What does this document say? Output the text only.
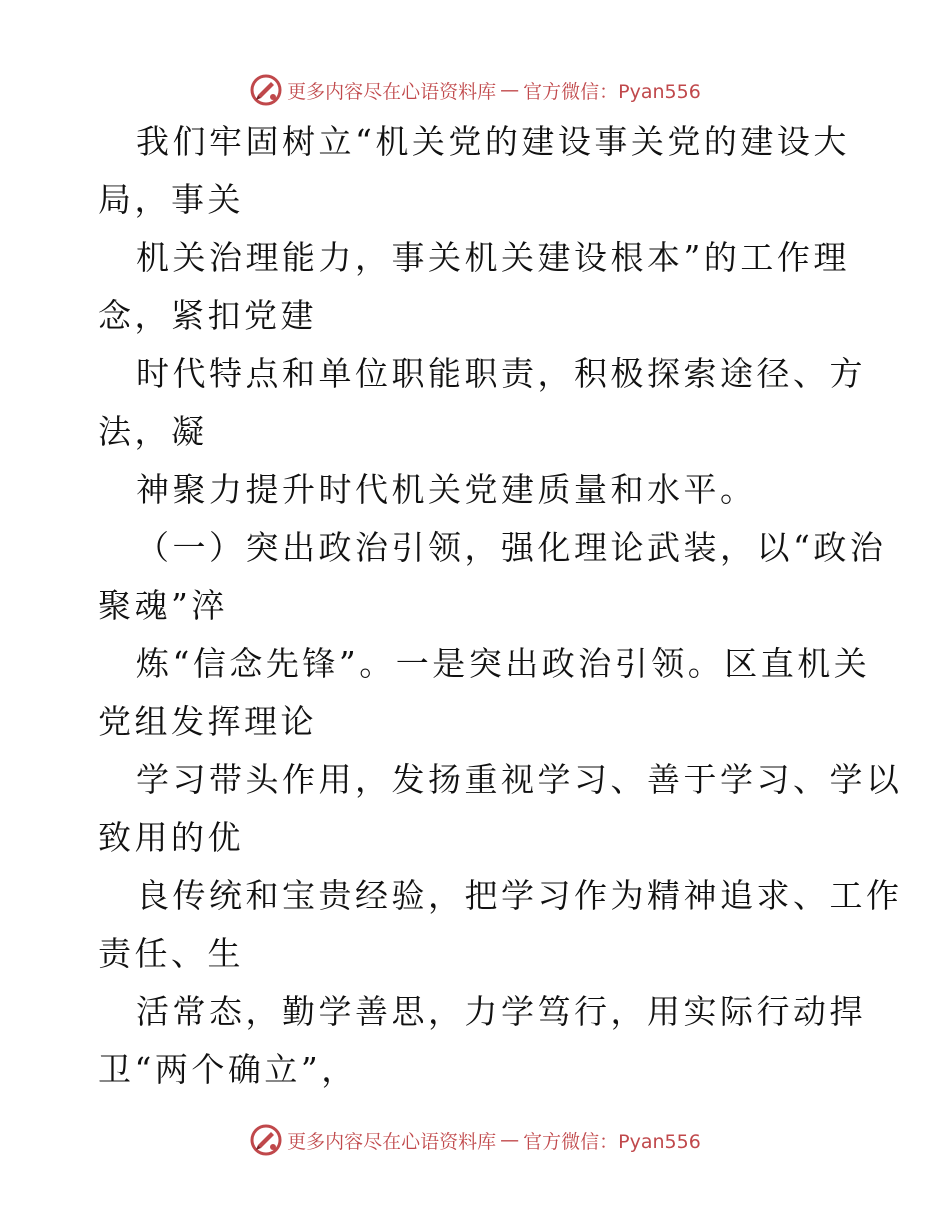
更多内容尽在心语资料库 — 官方微信：Pyan556
我们牢固树立“机关党的建设事关党的建设大
局，事关
机关治理能力，事关机关建设根本”的工作理
念，紧扣党建
时代特点和单位职能职责，积极探索途径、方
法，凝
神聚力提升时代机关党建质量和水平。
（一）突出政治引领，强化理论武装，以“政治
聚魂”淬
炼“信念先锋”。一是突出政治引领。区直机关
党组发挥理论
学习带头作用，发扬重视学习、善于学习、学以
致用的优
良传统和宝贵经验，把学习作为精神追求、工作
责任、生
活常态，勤学善思，力学笃行，用实际行动捍
卫“两个确立”，
更多内容尽在心语资料库 — 官方微信：Pyan556
